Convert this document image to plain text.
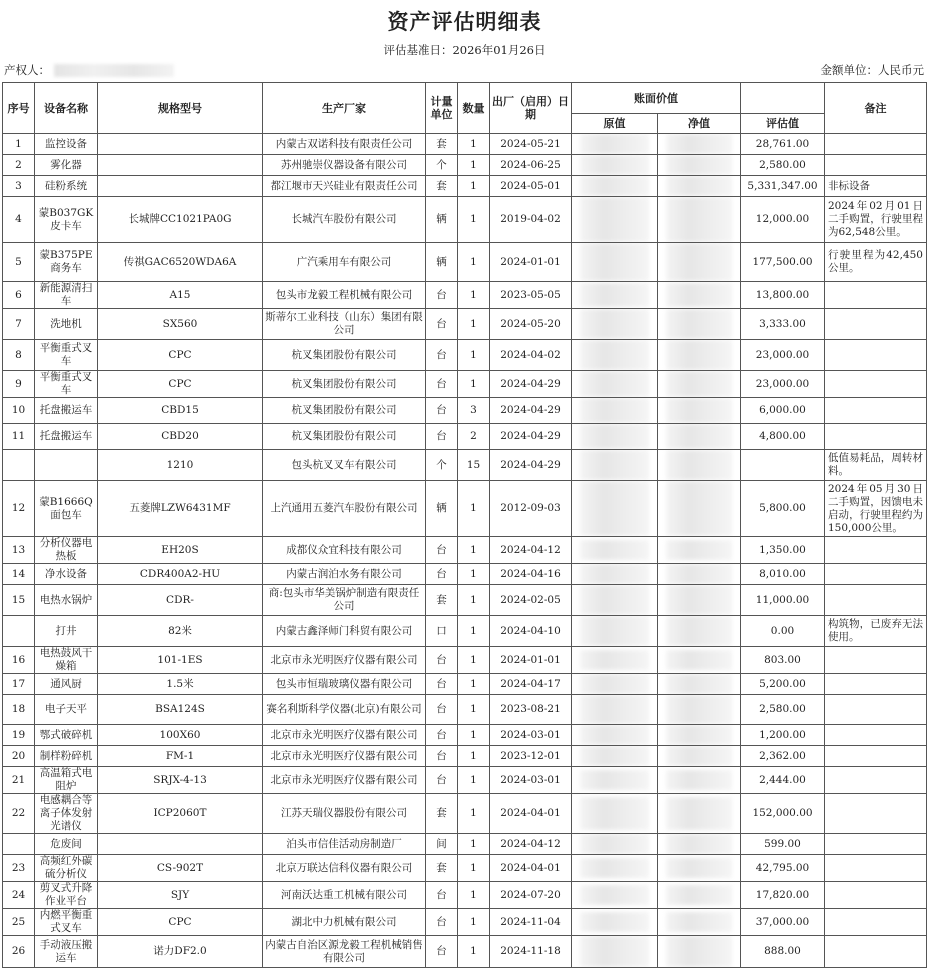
资产评估明细表
评估基准日：2026年01月26日
产权人：	金额单位：人民币元
序号	设备名称	规格型号	生产厂家	计量单位	数量	出厂（启用）日期	账面价值			备注
							原值	净值	评估值	
1	监控设备		内蒙古双诺科技有限责任公司	套	1	2024-05-21			28,761.00	
2	雾化器		苏州驰崇仪器设备有限公司	个	1	2024-06-25			2,580.00	
3	硅粉系统		都江堰市天兴硅业有限责任公司	套	1	2024-05-01			5,331,347.00	非标设备
4	蒙B037GK皮卡车	长城牌CC1021PA0G	长城汽车股份有限公司	辆	1	2019-04-02			12,000.00	2024年02月01日二手购置，行驶里程为62,548公里。
5	蒙B375PE商务车	传祺GAC6520WDA6A	广汽乘用车有限公司	辆	1	2024-01-01			177,500.00	行驶里程为42,450公里。
6	新能源清扫车	A15	包头市龙毅工程机械有限公司	台	1	2023-05-05			13,800.00	
7	洗地机	SX560	斯蒂尔工业科技（山东）集团有限公司	台	1	2024-05-20			3,333.00	
8	平衡重式叉车	CPC	杭叉集团股份有限公司	台	1	2024-04-02			23,000.00	
9	平衡重式叉车	CPC	杭叉集团股份有限公司	台	1	2024-04-29			23,000.00	
10	托盘搬运车	CBD15	杭叉集团股份有限公司	台	3	2024-04-29			6,000.00	
11	托盘搬运车	CBD20	杭叉集团股份有限公司	台	2	2024-04-29			4,800.00	
		1210	包头杭叉叉车有限公司	个	15	2024-04-29				低值易耗品，周转材料。
12	蒙B1666Q面包车	五菱牌LZW6431MF	上汽通用五菱汽车股份有限公司	辆	1	2012-09-03			5,800.00	2024年05月30日二手购置，因馈电未启动，行驶里程约为150,000公里。
13	分析仪器电热板	EH20S	成都仪众宜科技有限公司	台	1	2024-04-12			1,350.00	
14	净水设备	CDR400A2-HU	内蒙古润泊水务有限公司	台	1	2024-04-16			8,010.00	
15	电热水锅炉	CDR-	商:包头市华美锅炉制造有限责任公司	套	1	2024-02-05			11,000.00	
	打井	82米	内蒙古鑫泽师门科贸有限公司	口	1	2024-04-10			0.00	构筑物，已废弃无法使用。
16	电热鼓风干燥箱	101-1ES	北京市永光明医疗仪器有限公司	台	1	2024-01-01			803.00	
17	通风厨	1.5米	包头市恒瑞玻璃仪器有限公司	台	1	2024-04-17			5,200.00	
18	电子天平	BSA124S	赛名利斯科学仪器(北京)有限公司	台	1	2023-08-21			2,580.00	
19	鄂式破碎机	100X60	北京市永光明医疗仪器有限公司	台	1	2024-03-01			1,200.00	
20	制样粉碎机	FM-1	北京市永光明医疗仪器有限公司	台	1	2023-12-01			2,362.00	
21	高温箱式电阻炉	SRJX-4-13	北京市永光明医疗仪器有限公司	台	1	2024-03-01			2,444.00	
22	电感耦合等离子体发射光谱仪	ICP2060T	江苏天瑞仪器股份有限公司	套	1	2024-04-01			152,000.00	
	危废间		泊头市信佳活动房制造厂	间	1	2024-04-12			599.00	
23	高频红外碳硫分析仪	CS-902T	北京万联达信科仪器有限公司	套	1	2024-04-01			42,795.00	
24	剪叉式升降作业平台	SJY	河南沃达重工机械有限公司	台	1	2024-07-20			17,820.00	
25	内燃平衡重式叉车	CPC	湖北中力机械有限公司	台	1	2024-11-04			37,000.00	
26	手动液压搬运车	诺力DF2.0	内蒙古自治区源龙毅工程机械销售有限公司	台	1	2024-11-18			888.00	
